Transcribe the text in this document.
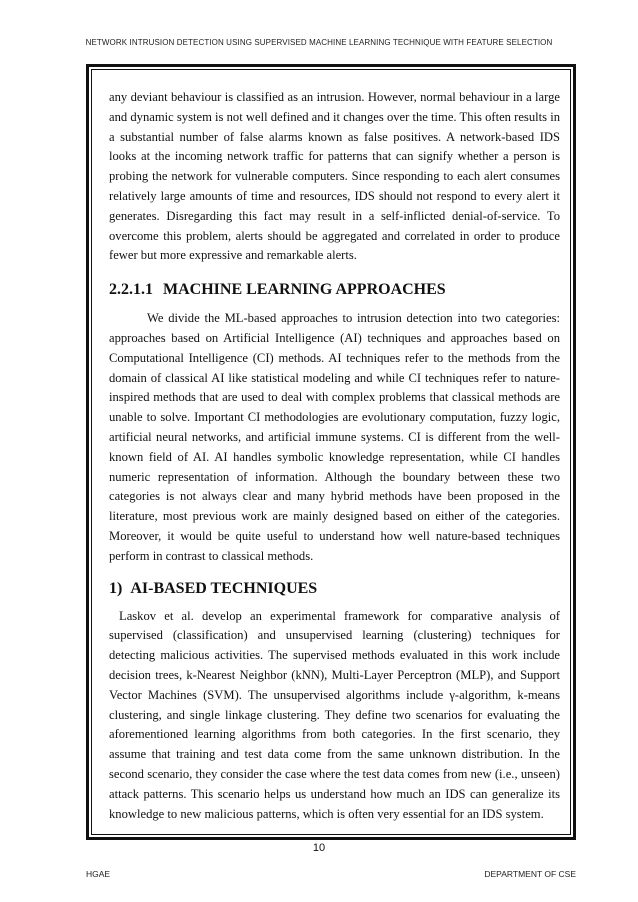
NETWORK INTRUSION DETECTION USING SUPERVISED MACHINE LEARNING TECHNIQUE WITH FEATURE SELECTION

any deviant behaviour is classified as an intrusion. However, normal behaviour in a large and dynamic system is not well defined and it changes over the time. This often results in a substantial number of false alarms known as false positives. A network-based IDS looks at the incoming network traffic for patterns that can signify whether a person is probing the network for vulnerable computers. Since responding to each alert consumes relatively large amounts of time and resources, IDS should not respond to every alert it generates. Disregarding this fact may result in a self-inflicted denial-of-service. To overcome this problem, alerts should be aggregated and correlated in order to produce fewer but more expressive and remarkable alerts.

2.2.1.1 MACHINE LEARNING APPROACHES

We divide the ML-based approaches to intrusion detection into two categories: approaches based on Artificial Intelligence (AI) techniques and approaches based on Computational Intelligence (CI) methods. AI techniques refer to the methods from the domain of classical AI like statistical modeling and while CI techniques refer to nature-inspired methods that are used to deal with complex problems that classical methods are unable to solve. Important CI methodologies are evolutionary computation, fuzzy logic, artificial neural networks, and artificial immune systems. CI is different from the well-known field of AI. AI handles symbolic knowledge representation, while CI handles numeric representation of information. Although the boundary between these two categories is not always clear and many hybrid methods have been proposed in the literature, most previous work are mainly designed based on either of the categories. Moreover, it would be quite useful to understand how well nature-based techniques perform in contrast to classical methods.

1) AI-BASED TECHNIQUES

Laskov et al. develop an experimental framework for comparative analysis of supervised (classification) and unsupervised learning (clustering) techniques for detecting malicious activities. The supervised methods evaluated in this work include decision trees, k-Nearest Neighbor (kNN), Multi-Layer Perceptron (MLP), and Support Vector Machines (SVM). The unsupervised algorithms include γ-algorithm, k-means clustering, and single linkage clustering. They define two scenarios for evaluating the aforementioned learning algorithms from both categories. In the first scenario, they assume that training and test data come from the same unknown distribution. In the second scenario, they consider the case where the test data comes from new (i.e., unseen) attack patterns. This scenario helps us understand how much an IDS can generalize its knowledge to new malicious patterns, which is often very essential for an IDS system.

10
HGAE	DEPARTMENT OF CSE
